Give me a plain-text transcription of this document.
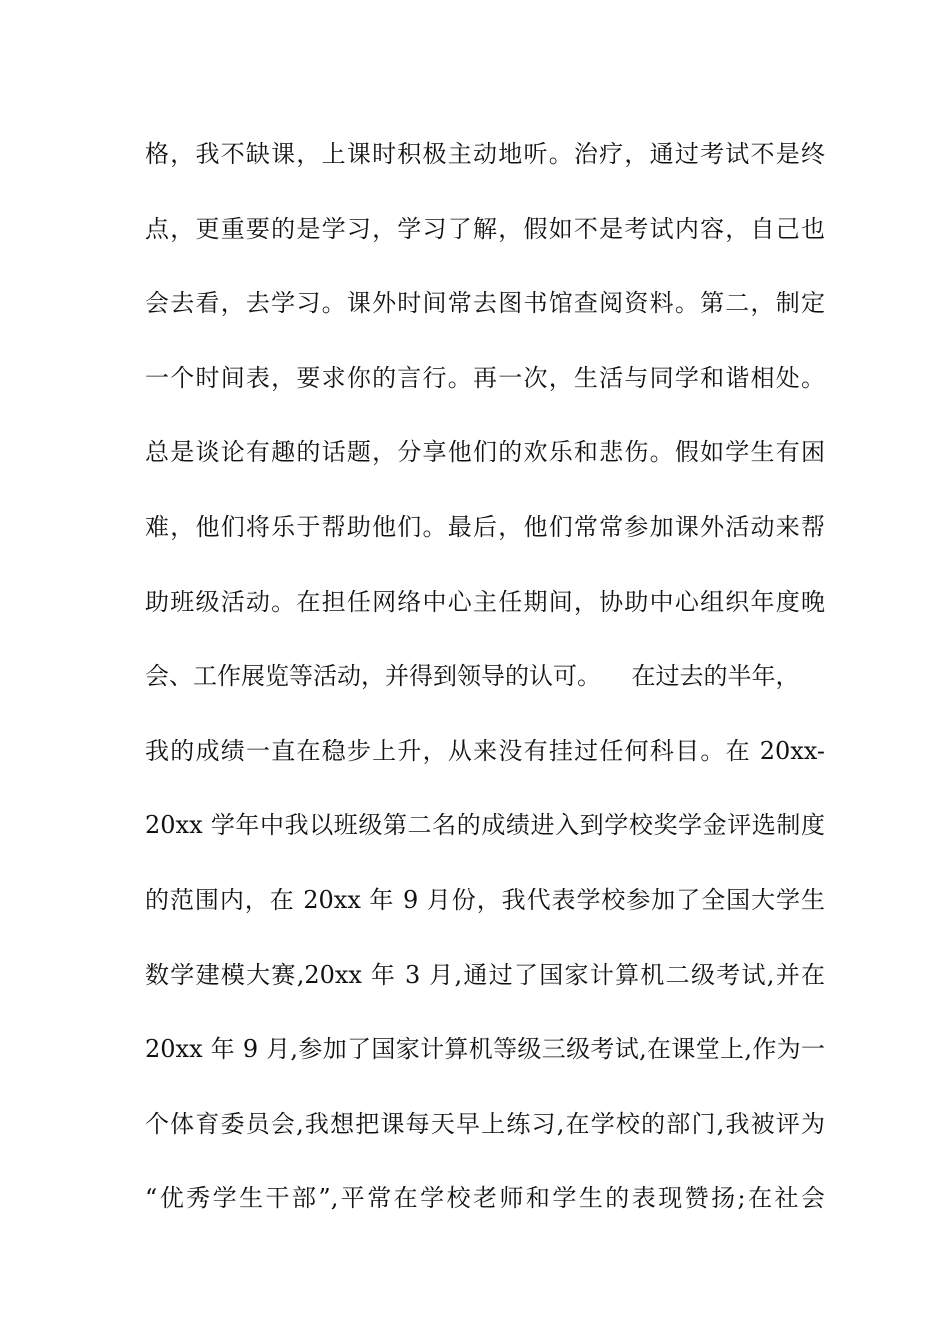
格，我不缺课，上课时积极主动地听。治疗，通过考试不是终
点，更重要的是学习，学习了解，假如不是考试内容，自己也
会去看，去学习。课外时间常去图书馆查阅资料。第二，制定
一个时间表，要求你的言行。再一次，生活与同学和谐相处。
总是谈论有趣的话题，分享他们的欢乐和悲伤。假如学生有困
难，他们将乐于帮助他们。最后，他们常常参加课外活动来帮
助班级活动。在担任网络中心主任期间，协助中心组织年度晚
会、工作展览等活动，并得到领导的认可。    在过去的半年，
我的成绩一直在稳步上升，从来没有挂过任何科目。在 20xx-
20xx 学年中我以班级第二名的成绩进入到学校奖学金评选制度
的范围内，在 20xx 年 9 月份，我代表学校参加了全国大学生
数学建模大赛,20xx 年 3 月,通过了国家计算机二级考试,并在
20xx 年 9 月,参加了国家计算机等级三级考试,在课堂上,作为一
个体育委员会,我想把课每天早上练习,在学校的部门,我被评为
“优秀学生干部”,平常在学校老师和学生的表现赞扬;在社会
